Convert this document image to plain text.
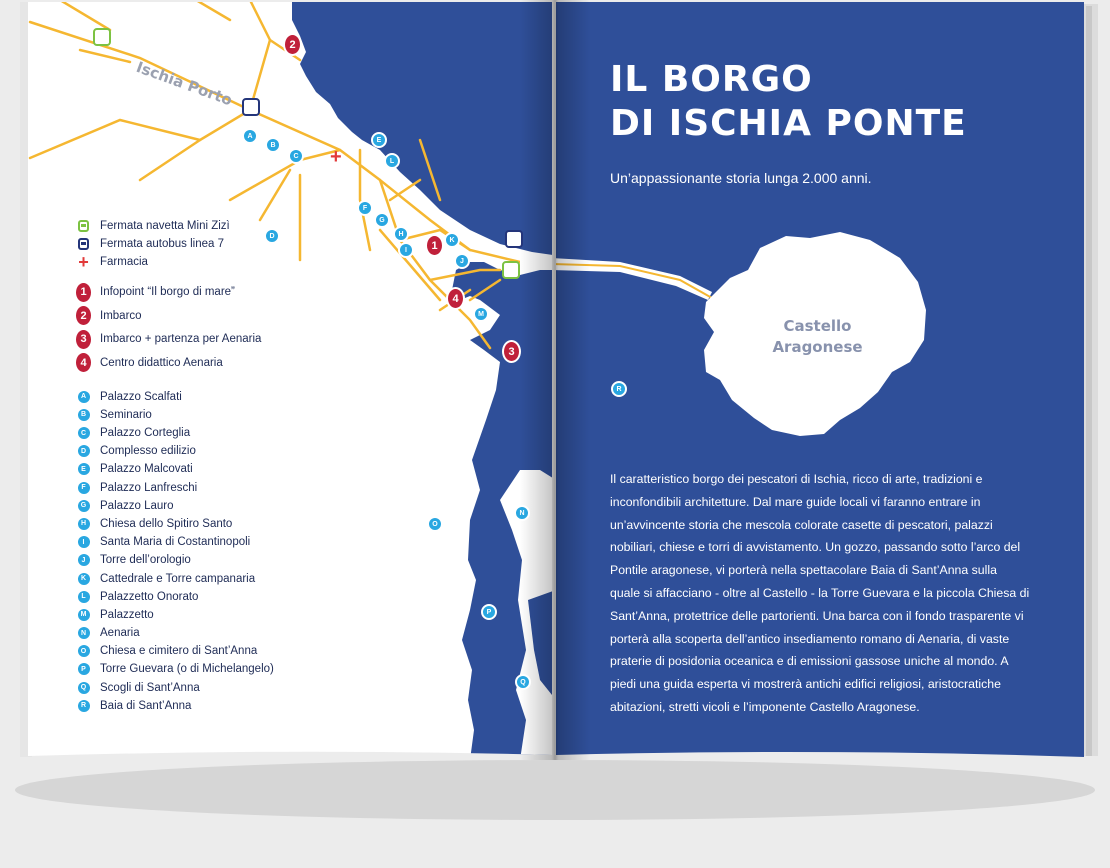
Ischia Porto
Castello
Aragonese
A
B
C
D
E
F
G
H
I
J
K
L
M
N
O
P
Q
R
1
2
3
4
+
Fermata navetta Mini Zizì
Fermata autobus linea 7
+ Farmacia
1	Infopoint “Il borgo di mare”
2	Imbarco
3	Imbarco + partenza per Aenaria
4	Centro didattico Aenaria
A	Palazzo Scalfati
B	Seminario
C	Palazzo Corteglia
D	Complesso edilizio
E	Palazzo Malcovati
F	Palazzo Lanfreschi
G Palazzo Lauro
H	Chiesa dello Spitiro Santo
I	Santa Maria di Costantinopoli
J	Torre dell’orologio
K	Cattedrale e Torre campanaria
L	Palazzetto Onorato
M Palazzetto
N	Aenaria
O Chiesa e cimitero di Sant’Anna
P	Torre Guevara (o di Michelangelo)
Q Scogli di Sant’Anna
R	Baia di Sant’Anna
IL BORGO
DI ISCHIA PONTE
Un’appassionante storia lunga 2.000 anni.
Il caratteristico borgo dei pescatori di Ischia, ricco di arte, tradizioni e inconfondibili architetture. Dal mare guide locali vi faranno entrare in un’avvincente storia che mescola colorate casette di pescatori, palazzi nobiliari, chiese e torri di avvistamento. Un gozzo, passando sotto l’arco del Pontile aragonese, vi porterà nella spettacolare Baia di Sant’Anna sulla quale si affacciano - oltre al Castello - la Torre Guevara e la piccola Chiesa di Sant’Anna, protettrice delle partorienti. Una barca con il fondo trasparente vi porterà alla scoperta dell’antico insediamento romano di Aenaria, di vaste praterie di posidonia oceanica e di emissioni gassose uniche al mondo. A piedi una guida esperta vi mostrerà antichi edifici religiosi, aristocratiche abitazioni, stretti vicoli e l’imponente Castello Aragonese.
